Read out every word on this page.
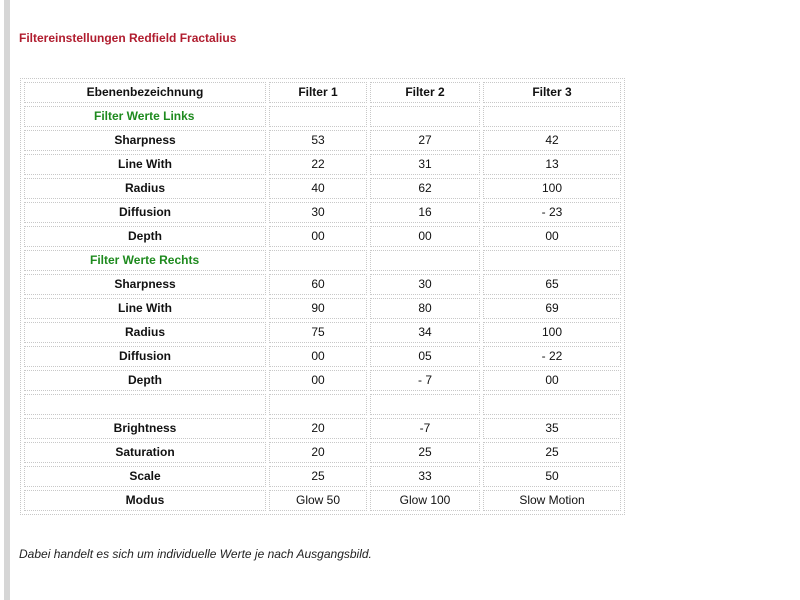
Filtereinstellungen Redfield Fractalius
Ebenenbezeichnung	Filter 1	Filter 2	Filter 3
Filter Werte Links			
Sharpness	53	27	42
Line With	22	31	13
Radius	40	62	100
Diffusion	30	16	- 23
Depth	00	00	00
Filter Werte Rechts			
Sharpness	60	30	65
Line With	90	80	69
Radius	75	34	100
Diffusion	00	05	- 22
Depth	00	- 7	00

Brightness	20	-7	35
Saturation	20	25	25
Scale	25	33	50
Modus	Glow 50	Glow 100	Slow Motion
Dabei handelt es sich um individuelle Werte je nach Ausgangsbild.
